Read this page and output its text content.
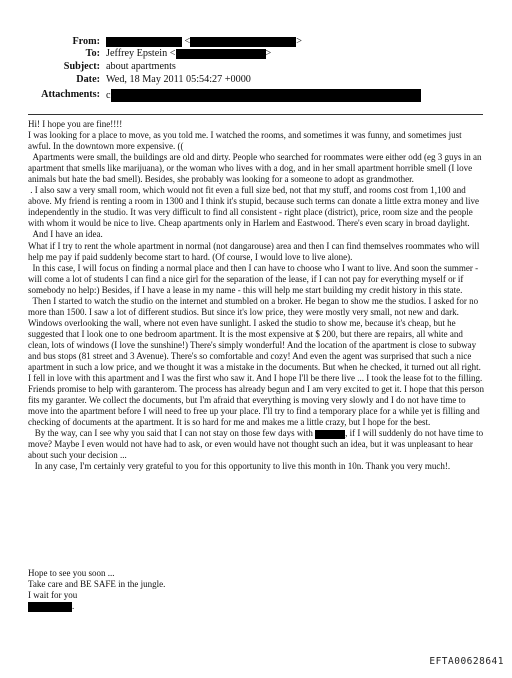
From:	<	>
To: Jeffrey Epstein <	>
Subject: about apartments
Date: Wed, 18 May 2011 05:54:27 +0000
Attachments: c

Hi! I hope you are fine!!!!

I was looking for a place to move, as you told me. I watched the rooms, and sometimes it was funny, and sometimes just awful. In the downtown more expensive. ((

Apartments were small, the buildings are old and dirty. People who searched for roommates were either odd (eg 3 guys in an apartment that smells like marijuana), or the woman who lives with a dog, and in her small apartment horrible smell (I love animals but hate the bad smell). Besides, she probably was looking for a someone to adopt as grandmother.

. I also saw a very small room, which would not fit even a full size bed, not that my stuff, and rooms cost from 1,100 and above. My friend is renting a room in 1300 and I think it's stupid, because such terms can donate a little extra money and live independently in the studio. It was very difficult to find all consistent - right place (district), price, room size and the people with whom it would be nice to live. Cheap apartments only in Harlem and Eastwood. There's even scary in broad daylight.

And I have an idea.

What if I try to rent the whole apartment in normal (not dangarouse) area and then I can find themselves roommates who will help me pay if paid suddenly become start to hard. (Of course, I would love to live alone).

In this case, I will focus on finding a normal place and then I can have to choose who I want to live. And soon the summer - will come a lot of students I can find a nice girl for the separation of the lease, if I can not pay for everything myself or if somebody no help:) Besides, if I have a lease in my name - this will help me start building my credit history in this state.

Then I started to watch the studio on the internet and stumbled on a broker. He began to show me the studios. I asked for no more than 1500. I saw a lot of different studios. But since it's low price, they were mostly very small, not new and dark. Windows overlooking the wall, where not even have sunlight. I asked the studio to show me, because it's cheap, but he suggested that I look one to one bedroom apartment. It is the most expensive at $ 200, but there are repairs, all white and clean, lots of windows (I love the sunshine!) There's simply wonderful! And the location of the apartment is close to subway and bus stops (81 street and 3 Avenue). There's so comfortable and cozy! And even the agent was surprised that such a nice apartment in such a low price, and we thought it was a mistake in the documents. But when he checked, it turned out all right. I fell in love with this apartment and I was the first who saw it. And I hope I'll be there live ... I took the lease fot to the filling. Friends promise to help with garanterom. The process has already begun and I am very excited to get it. I hope that this person fits my garanter. We collect the documents, but I'm afraid that everything is moving very slowly and I do not have time to move into the apartment before I will need to free up your place. I'll try to find a temporary place for a while yet is filling and checking of documents at the apartment. It is so hard for me and makes me a little crazy, but I hope for the best.

By the way, can I see why you said that I can not stay on those few days with	, if I will suddenly do not have time to move? Maybe I even would not have had to ask, or even would have not thought such an idea, but it was unpleasant to hear about such your decision ...

In any case, I'm certainly very grateful to you for this opportunity to live this month in 10n. Thank you very much!.

Hope to see you soon ...

Take care and BE SAFE in the jungle.

I wait for you

.

EFTA00628641
